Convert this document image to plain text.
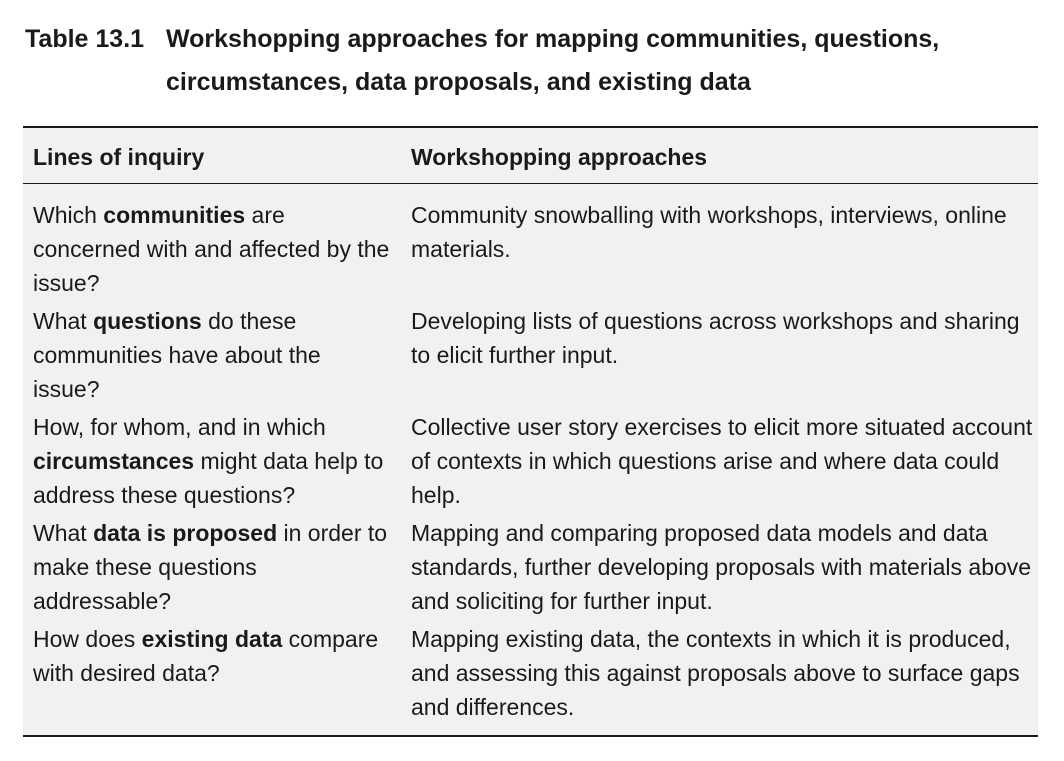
Table 13.1 Workshopping approaches for mapping communities, questions, circumstances, data proposals, and existing data
Lines of inquiry	Workshopping approaches
Which communities are concerned with and affected by the issue?
Community snowballing with workshops, interviews, online materials.
What questions do these communities have about the issue?
Developing lists of questions across workshops and sharing to elicit further input.
How, for whom, and in which circumstances might data help to address these questions?
Collective user story exercises to elicit more situated account of contexts in which questions arise and where data could help.
What data is proposed in order to make these questions addressable?
Mapping and comparing proposed data models and data standards, further developing proposals with materials above and soliciting for further input.
How does existing data compare with desired data?
Mapping existing data, the contexts in which it is produced, and assessing this against proposals above to surface gaps and differences.
